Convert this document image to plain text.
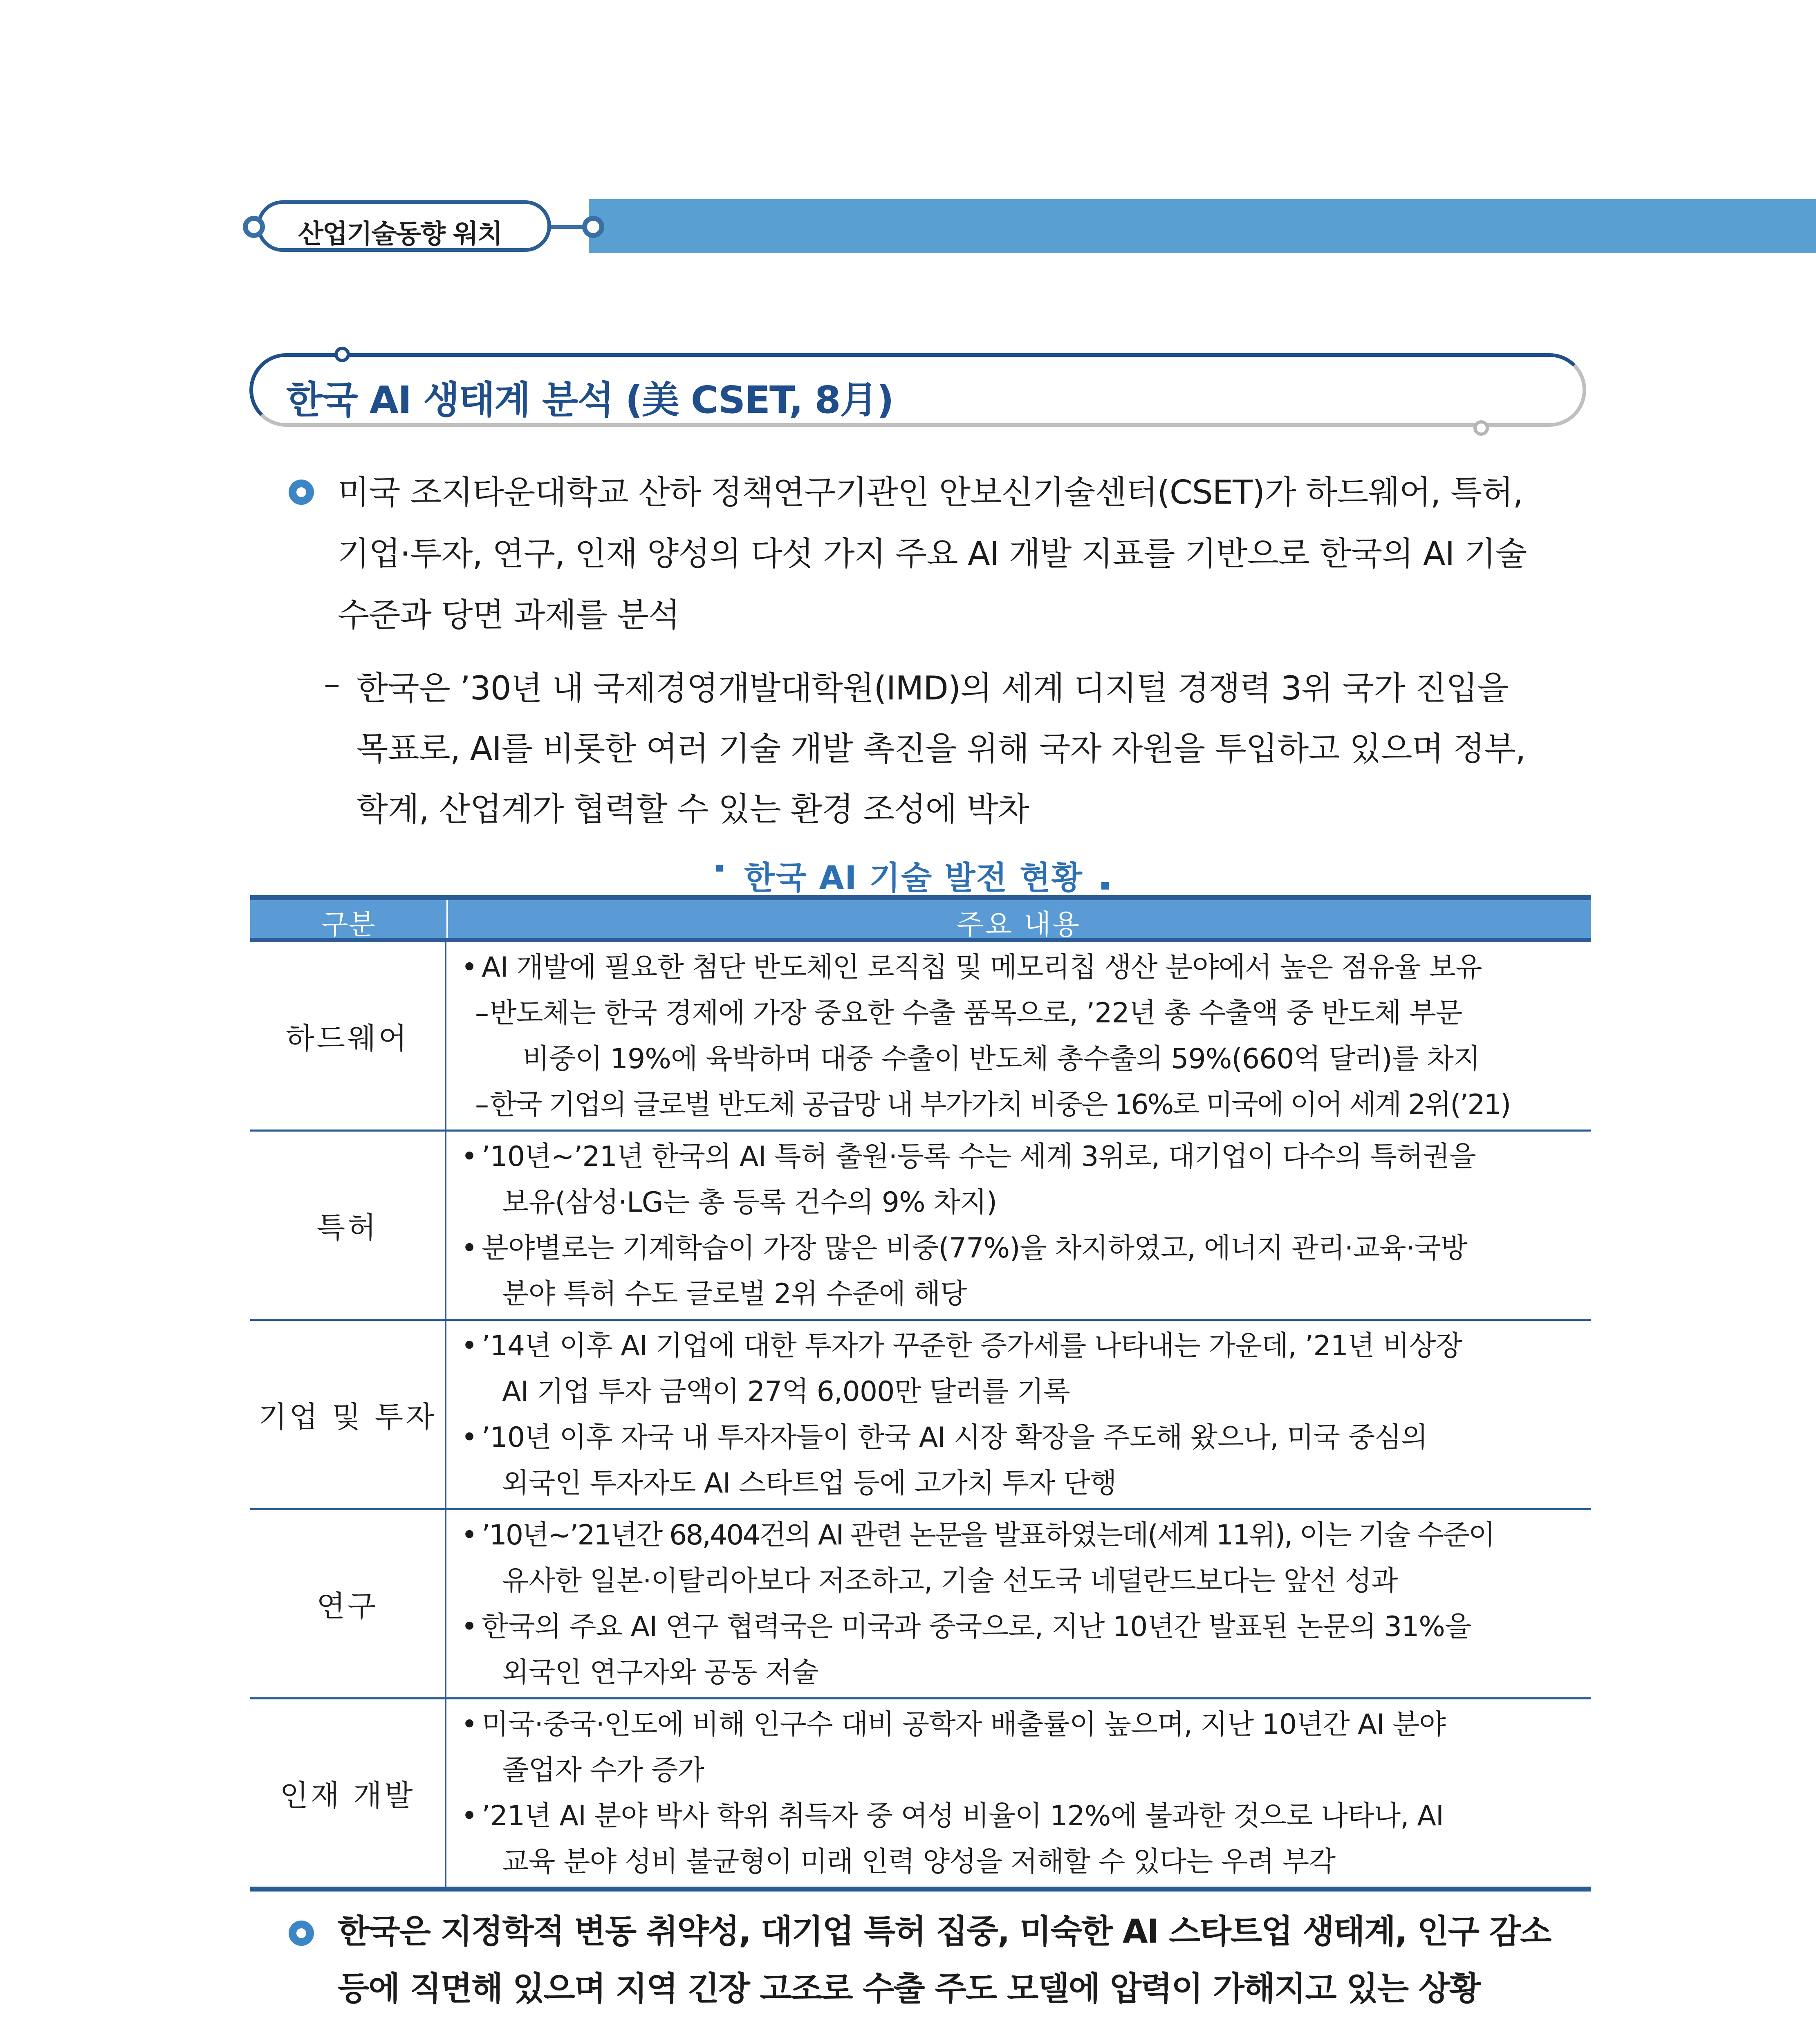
산업기술동향 워치
한국 AI 생태계 분석 (美 CSET, 8月)
미국 조지타운대학교 산하 정책연구기관인 안보신기술센터(CSET)가 하드웨어, 특허,
기업·투자, 연구, 인재 양성의 다섯 가지 주요 AI 개발 지표를 기반으로 한국의 AI 기술
수준과 당면 과제를 분석
– 한국은 ’30년 내 국제경영개발대학원(IMD)의 세계 디지털 경쟁력 3위 국가 진입을
목표로, AI를 비롯한 여러 기술 개발 촉진을 위해 국자 자원을 투입하고 있으며 정부,
학계, 산업계가 협력할 수 있는 환경 조성에 박차
한국 AI 기술 발전 현황
구분	주요 내용
하드웨어
• AI 개발에 필요한 첨단 반도체인 로직칩 및 메모리칩 생산 분야에서 높은 점유율 보유
– 반도체는 한국 경제에 가장 중요한 수출 품목으로, ’22년 총 수출액 중 반도체 부문
비중이 19%에 육박하며 대중 수출이 반도체 총수출의 59%(660억 달러)를 차지
– 한국 기업의 글로벌 반도체 공급망 내 부가가치 비중은 16%로 미국에 이어 세계 2위(’21)
특허
• ’10년~’21년 한국의 AI 특허 출원·등록 수는 세계 3위로, 대기업이 다수의 특허권을
보유(삼성·LG는 총 등록 건수의 9% 차지)
• 분야별로는 기계학습이 가장 많은 비중(77%)을 차지하였고, 에너지 관리·교육·국방
분야 특허 수도 글로벌 2위 수준에 해당
기업 및 투자
• ’14년 이후 AI 기업에 대한 투자가 꾸준한 증가세를 나타내는 가운데, ’21년 비상장
AI 기업 투자 금액이 27억 6,000만 달러를 기록
• ’10년 이후 자국 내 투자자들이 한국 AI 시장 확장을 주도해 왔으나, 미국 중심의
외국인 투자자도 AI 스타트업 등에 고가치 투자 단행
연구
• ’10년~’21년간 68,404건의 AI 관련 논문을 발표하였는데(세계 11위), 이는 기술 수준이
유사한 일본·이탈리아보다 저조하고, 기술 선도국 네덜란드보다는 앞선 성과
• 한국의 주요 AI 연구 협력국은 미국과 중국으로, 지난 10년간 발표된 논문의 31%을
외국인 연구자와 공동 저술
인재 개발
• 미국·중국·인도에 비해 인구수 대비 공학자 배출률이 높으며, 지난 10년간 AI 분야
졸업자 수가 증가
• ’21년 AI 분야 박사 학위 취득자 중 여성 비율이 12%에 불과한 것으로 나타나, AI
교육 분야 성비 불균형이 미래 인력 양성을 저해할 수 있다는 우려 부각
한국은 지정학적 변동 취약성, 대기업 특허 집중, 미숙한 AI 스타트업 생태계, 인구 감소
등에 직면해 있으며 지역 긴장 고조로 수출 주도 모델에 압력이 가해지고 있는 상황
